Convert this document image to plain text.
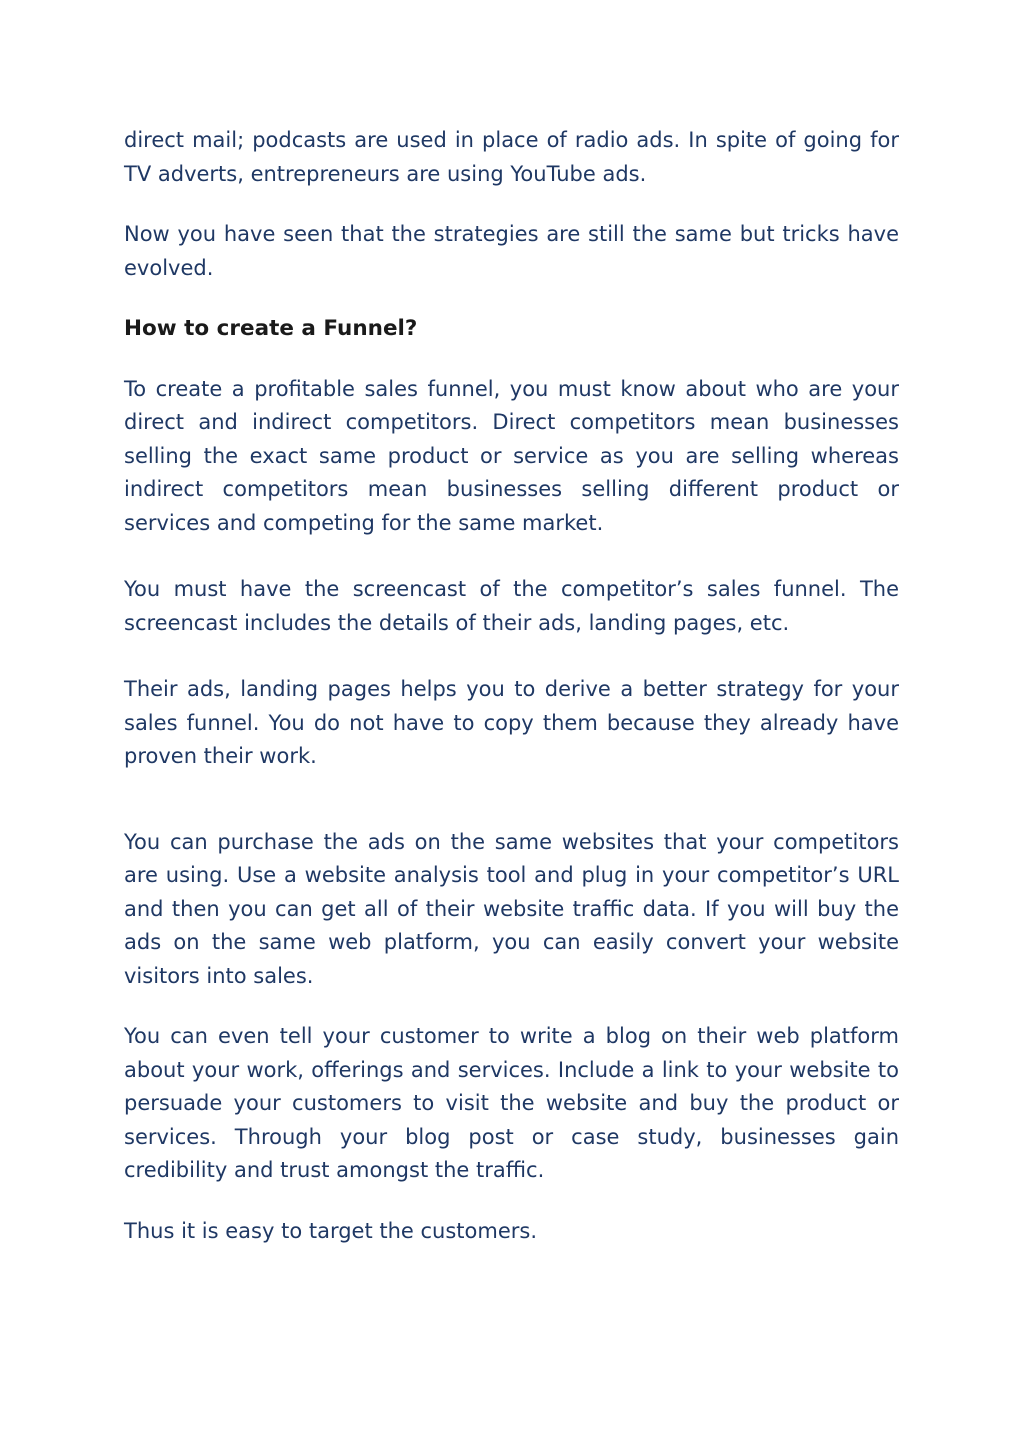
direct mail; podcasts are used in place of radio ads. In spite of going for TV adverts, entrepreneurs are using YouTube ads.

Now you have seen that the strategies are still the same but tricks have evolved.

How to create a Funnel?

To create a profitable sales funnel, you must know about who are your direct and indirect competitors. Direct competitors mean businesses selling the exact same product or service as you are selling whereas indirect competitors mean businesses selling different product or services and competing for the same market.

You must have the screencast of the competitor’s sales funnel. The screencast includes the details of their ads, landing pages, etc.

Their ads, landing pages helps you to derive a better strategy for your sales funnel. You do not have to copy them because they already have proven their work.

You can purchase the ads on the same websites that your competitors are using. Use a website analysis tool and plug in your competitor’s URL and then you can get all of their website traffic data. If you will buy the ads on the same web platform, you can easily convert your website visitors into sales.

You can even tell your customer to write a blog on their web platform about your work, offerings and services. Include a link to your website to persuade your customers to visit the website and buy the product or services. Through your blog post or case study, businesses gain credibility and trust amongst the traffic.

Thus it is easy to target the customers.
